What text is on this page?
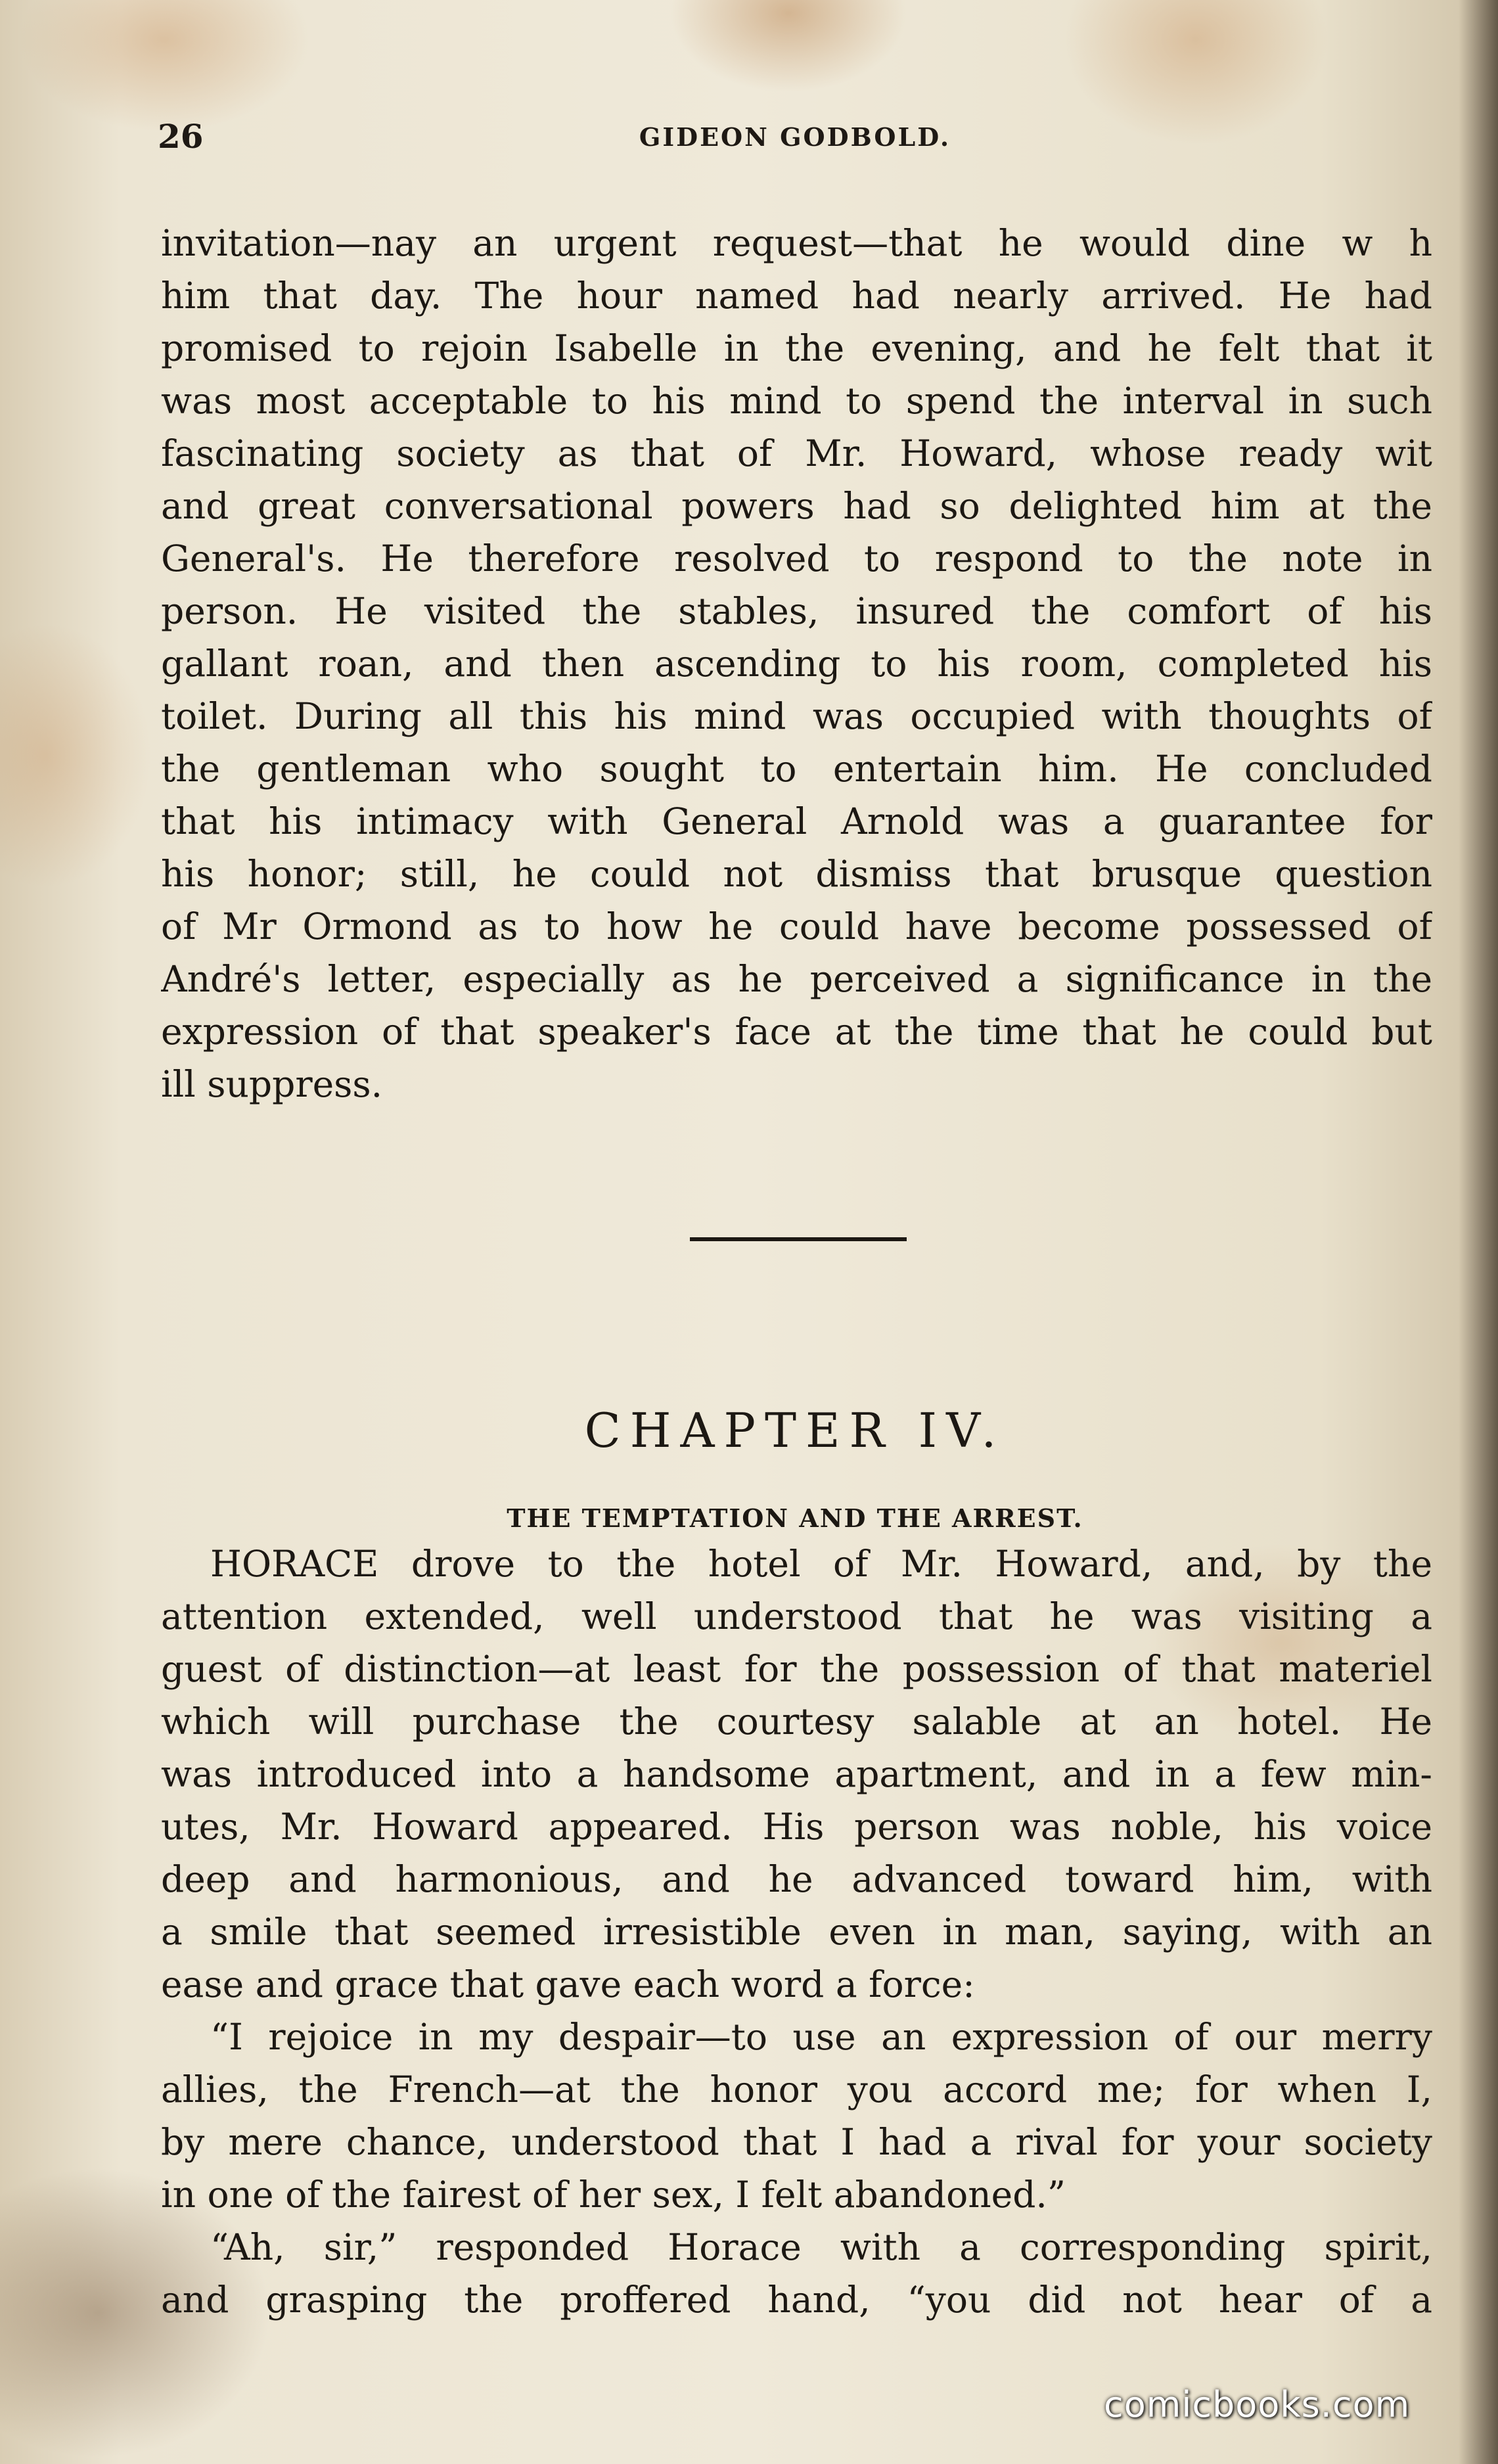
26	GIDEON GODBOLD.
invitation—nay an urgent request—that he would dine w h
him that day. The hour named had nearly arrived. He had
promised to rejoin Isabelle in the evening, and he felt that it
was most acceptable to his mind to spend the interval in such
fascinating society as that of Mr. Howard, whose ready wit
and great conversational powers had so delighted him at the
General's. He therefore resolved to respond to the note in
person. He visited the stables, insured the comfort of his
gallant roan, and then ascending to his room, completed his
toilet. During all this his mind was occupied with thoughts of
the gentleman who sought to entertain him. He concluded
that his intimacy with General Arnold was a guarantee for
his honor; still, he could not dismiss that brusque question
of Mr Ormond as to how he could have become possessed of
André's letter, especially as he perceived a significance in the
expression of that speaker's face at the time that he could but
ill suppress.
CHAPTER IV.
THE TEMPTATION AND THE ARREST.
HORACE drove to the hotel of Mr. Howard, and, by the
attention extended, well understood that he was visiting a
guest of distinction—at least for the possession of that materiel
which will purchase the courtesy salable at an hotel. He
was introduced into a handsome apartment, and in a few min-
utes, Mr. Howard appeared. His person was noble, his voice
deep and harmonious, and he advanced toward him, with
a smile that seemed irresistible even in man, saying, with an
ease and grace that gave each word a force:
“I rejoice in my despair—to use an expression of our merry
allies, the French—at the honor you accord me; for when I,
by mere chance, understood that I had a rival for your society
in one of the fairest of her sex, I felt abandoned.”
“Ah, sir,” responded Horace with a corresponding spirit,
and grasping the proffered hand, “you did not hear of a
comicbooks.com
